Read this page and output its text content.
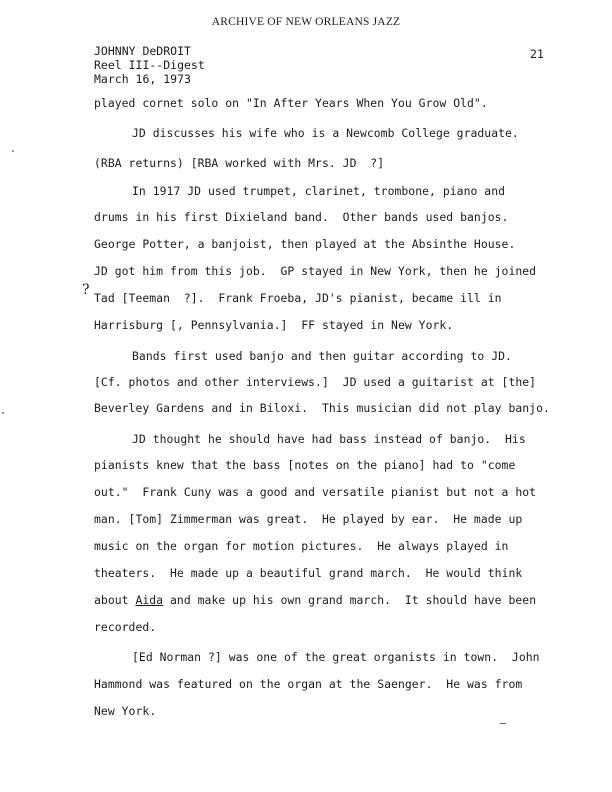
ARCHIVE OF NEW ORLEANS JAZZ
JOHNNY DeDROIT
Reel III--Digest
March 16, 1973
21
?
played cornet solo on "In After Years When You Grow Old".
JD discusses his wife who is a Newcomb College graduate.
(RBA returns) [RBA worked with Mrs. JD  ?]
In 1917 JD used trumpet, clarinet, trombone, piano and
drums in his first Dixieland band.  Other bands used banjos.
George Potter, a banjoist, then played at the Absinthe House.
JD got him from this job.  GP stayed in New York, then he joined
Tad [Teeman  ?].  Frank Froeba, JD's pianist, became ill in
Harrisburg [, Pennsylvania.]  FF stayed in New York.
Bands first used banjo and then guitar according to JD.
[Cf. photos and other interviews.]  JD used a guitarist at [the]
Beverley Gardens and in Biloxi.  This musician did not play banjo.
JD thought he should have had bass instead of banjo.  His
pianists knew that the bass [notes on the piano] had to "come
out."  Frank Cuny was a good and versatile pianist but not a hot
man. [Tom] Zimmerman was great.  He played by ear.  He made up
music on the organ for motion pictures.  He always played in
theaters.  He made up a beautiful grand march.  He would think
about Aida and make up his own grand march.  It should have been
recorded.
[Ed Norman ?] was one of the great organists in town.  John
Hammond was featured on the organ at the Saenger.  He was from
New York.
